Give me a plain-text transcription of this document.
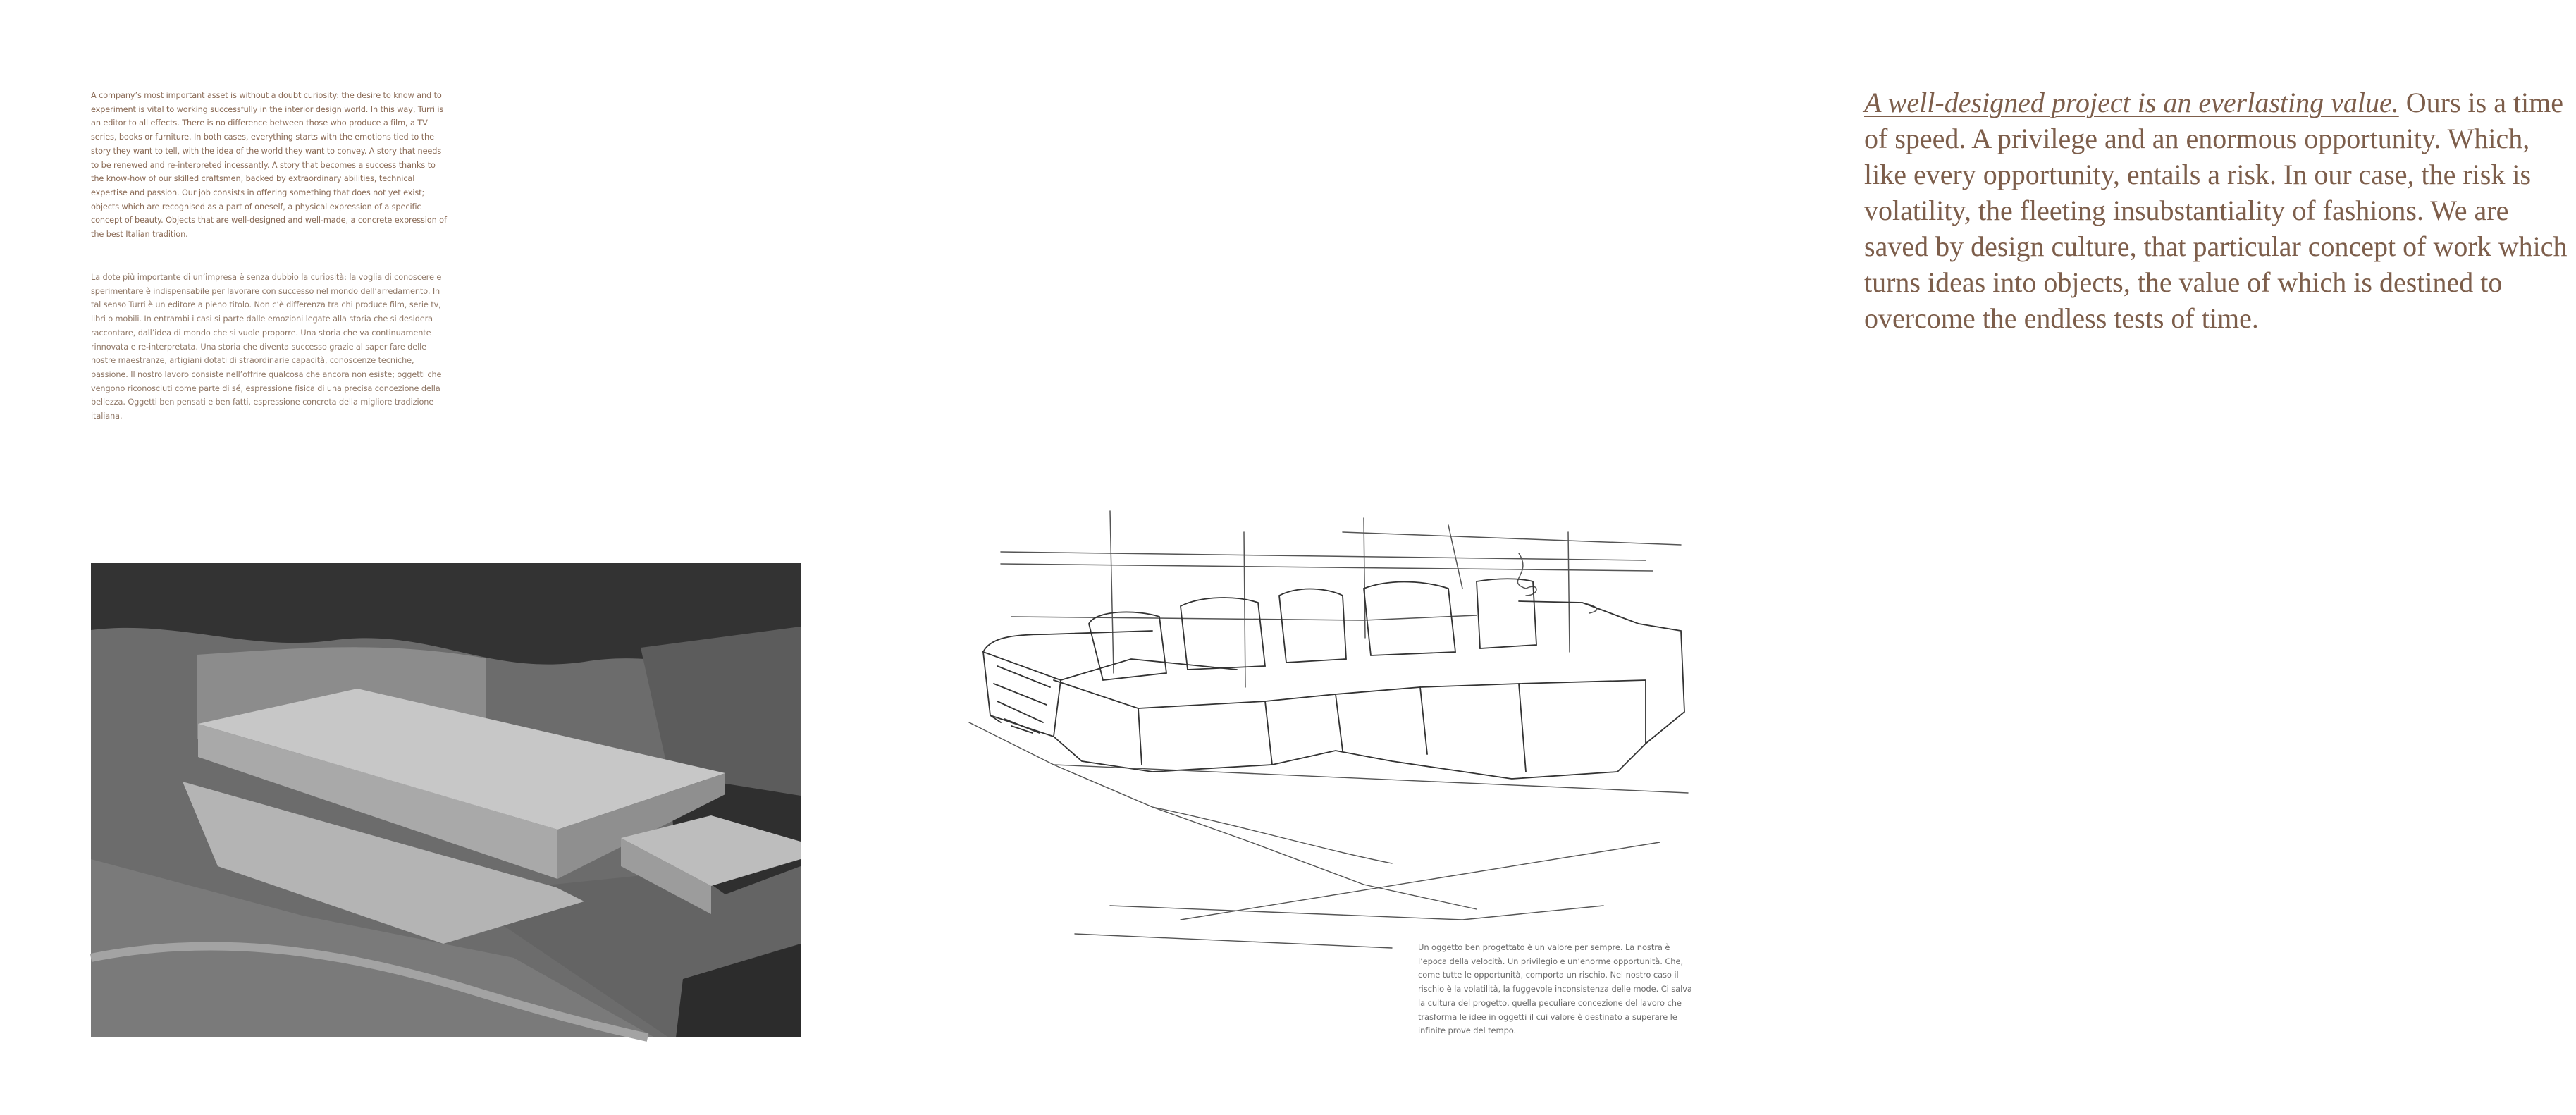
A company’s most important asset is without a doubt curiosity: the desire to know and to experiment is vital to working successfully in the interior design world. In this way, Turri is an editor to all effects. There is no difference between those who produce a film, a TV series, books or furniture. In both cases, everything starts with the emotions tied to the story they want to tell, with the idea of the world they want to convey. A story that needs to be renewed and re-interpreted incessantly. A story that becomes a success thanks to the know-how of our skilled craftsmen, backed by extraordinary abilities, technical expertise and passion. Our job consists in offering something that does not yet exist; objects which are recognised as a part of oneself, a physical expression of a specific concept of beauty. Objects that are well-designed and well-made, a concrete expression of the best Italian tradition.

La dote più importante di un’impresa è senza dubbio la curiosità: la voglia di conoscere e sperimentare è indispensabile per lavorare con successo nel mondo dell’arredamento. In tal senso Turri è un editore a pieno titolo. Non c’è differenza tra chi produce film, serie tv, libri o mobili. In entrambi i casi si parte dalle emozioni legate alla storia che si desidera raccontare, dall’idea di mondo che si vuole proporre. Una storia che va continuamente rinnovata e re-interpretata. Una storia che diventa successo grazie al saper fare delle nostre maestranze, artigiani dotati di straordinarie capacità, conoscenze tecniche, passione. Il nostro lavoro consiste nell’offrire qualcosa che ancora non esiste; oggetti che vengono riconosciuti come parte di sé, espressione fisica di una precisa concezione della bellezza. Oggetti ben pensati e ben fatti, espressione concreta della migliore tradizione italiana.

A well-designed project is an everlasting value. Ours is a time of speed. A privilege and an enormous opportunity. Which, like every opportunity, entails a risk. In our case, the risk is volatility, the fleeting insubstantiality of fashions. We are saved by design culture, that particular concept of work which turns ideas into objects, the value of which is destined to overcome the endless tests of time.

Un oggetto ben progettato è un valore per sempre. La nostra è l’epoca della velocità. Un privilegio e un’enorme opportunità. Che, come tutte le opportunità, comporta un rischio. Nel nostro caso il rischio è la volatilità, la fuggevole inconsistenza delle mode. Ci salva la cultura del progetto, quella peculiare concezione del lavoro che trasforma le idee in oggetti il cui valore è destinato a superare le infinite prove del tempo.
